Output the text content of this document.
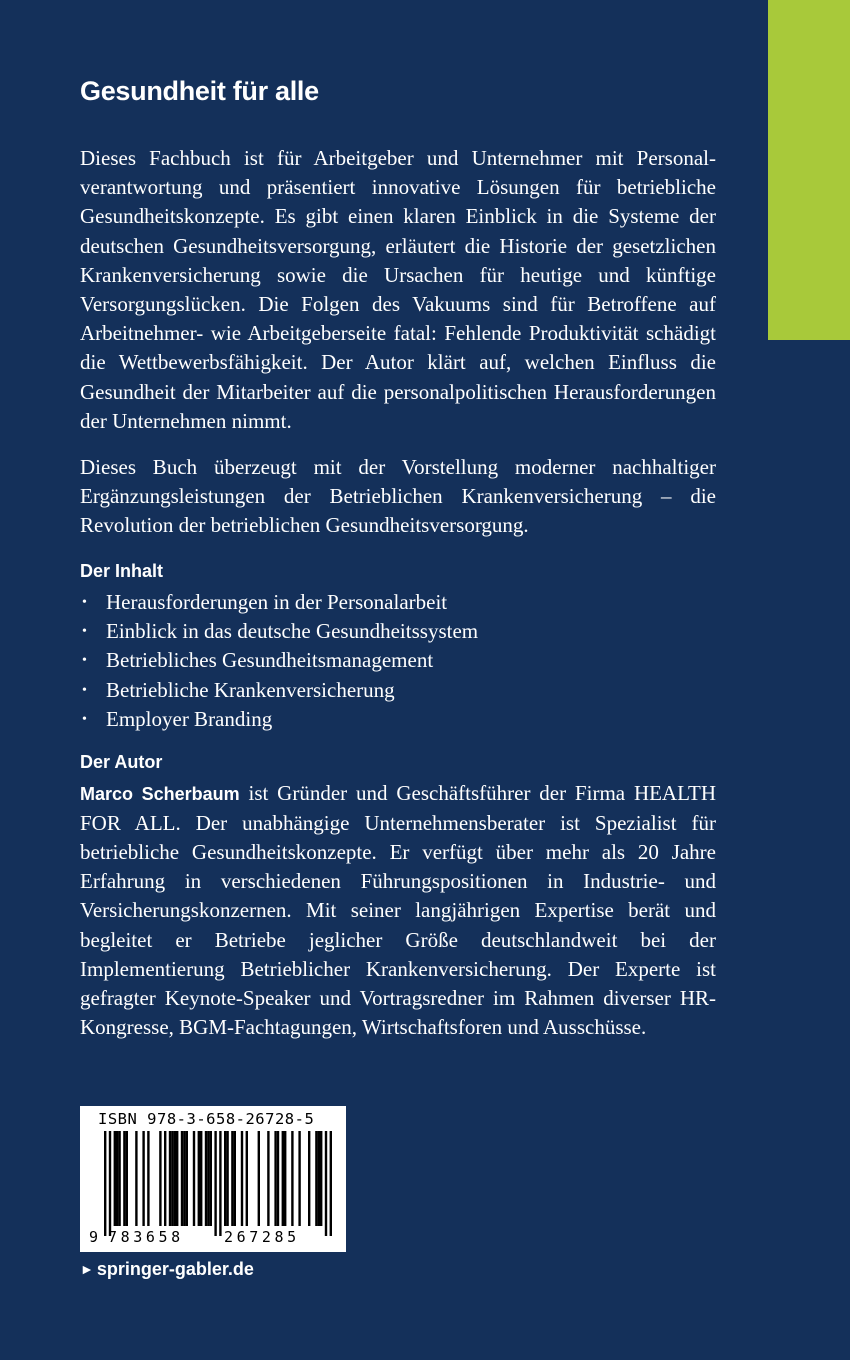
Gesundheit für alle

Dieses Fachbuch ist für Arbeitgeber und Unternehmer mit Personalverantwortung und präsentiert innovative Lösungen für betriebliche Gesundheitskonzepte. Es gibt einen klaren Einblick in die Systeme der deutschen Gesundheitsversorgung, erläutert die Historie der gesetzlichen Krankenversicherung sowie die Ursachen für heutige und künftige Versorgungslücken. Die Folgen des Vakuums sind für Betroffene auf Arbeitnehmer- wie Arbeitgeberseite fatal: Fehlende Produktivität schädigt die Wettbewerbsfähigkeit. Der Autor klärt auf, welchen Einfluss die Gesundheit der Mitarbeiter auf die personalpolitischen Herausforderungen der Unternehmen nimmt.

Dieses Buch überzeugt mit der Vorstellung moderner nachhaltiger Ergänzungsleistungen der Betrieblichen Krankenversicherung – die Revolution der betrieblichen Gesundheitsversorgung.

Der Inhalt
• Herausforderungen in der Personalarbeit
• Einblick in das deutsche Gesundheitssystem
• Betriebliches Gesundheitsmanagement
• Betriebliche Krankenversicherung
• Employer Branding
Der Autor

Marco Scherbaum ist Gründer und Geschäftsführer der Firma HEALTH FOR ALL. Der unabhängige Unternehmensberater ist Spezialist für betriebliche Gesundheitskonzepte. Er verfügt über mehr als 20 Jahre Erfahrung in verschiedenen Führungspositionen in Industrie- und Versicherungskonzernen. Mit seiner langjährigen Expertise berät und begleitet er Betriebe jeglicher Größe deutschlandweit bei der Implementierung Betrieblicher Krankenversicherung. Der Experte ist gefragter Keynote-Speaker und Vortragsredner im Rahmen diverser HR-Kongresse, BGM-Fachtagungen, Wirtschaftsforen und Ausschüsse.

ISBN 978-3-658-26728-5
9 783658	267285
► springer-gabler.de
